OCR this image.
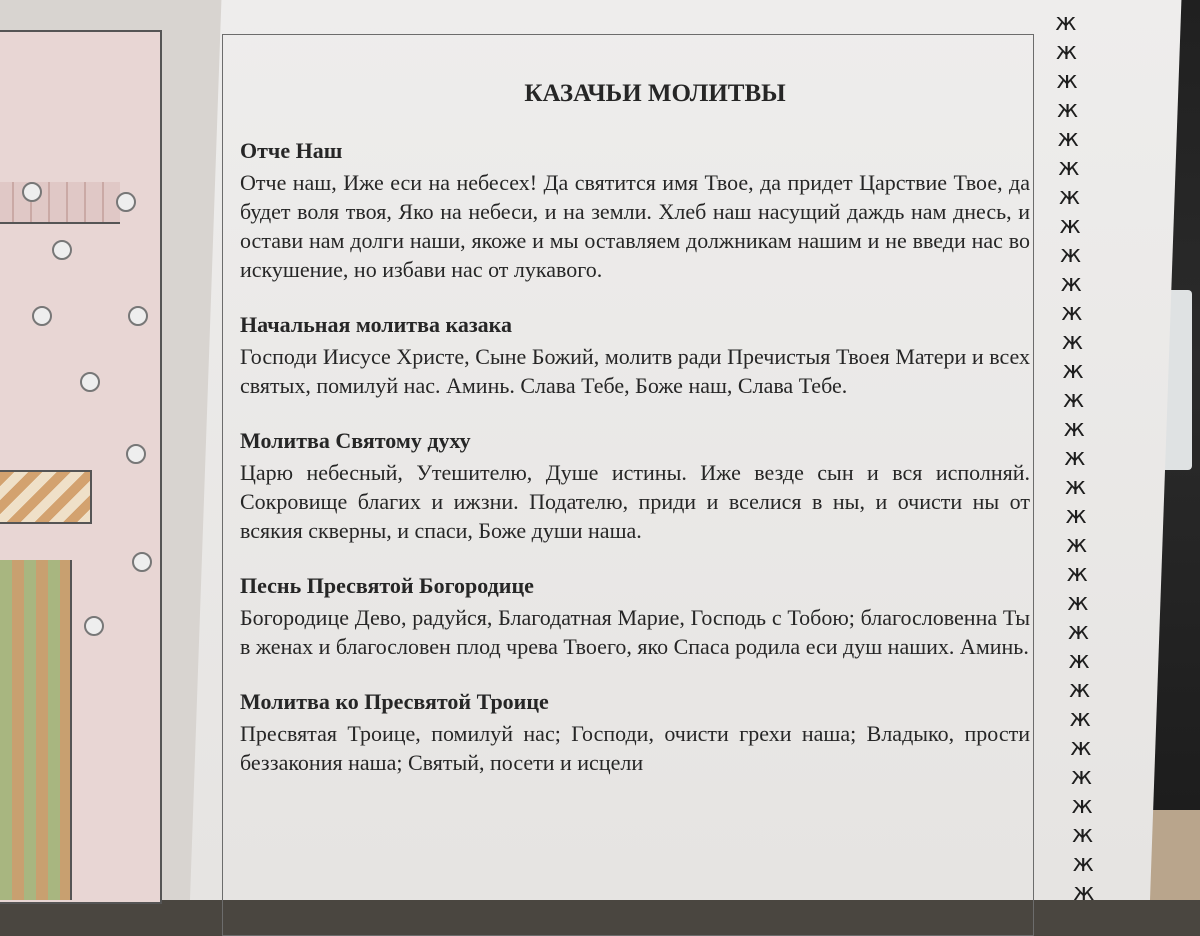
ж
ж
ж
ж
ж
ж
ж
ж
ж
ж
ж
ж
ж
ж
ж
ж
ж
ж
ж
ж
ж
ж
ж
ж
ж
ж
ж
ж
ж
ж
ж
КАЗАЧЬИ МОЛИТВЫ
Отче Наш

Отче наш, Иже еси на небесех! Да святится имя Твое, да придет Царствие Твое, да будет воля твоя, Яко на небеси, и на земли. Хлеб наш насущий даждь нам днесь, и остави нам долги наши, якоже и мы оставляем должникам нашим и не введи нас во искушение, но избави нас от лукавого.

Начальная молитва казака

Господи Иисусе Христе, Сыне Божий, молитв ради Пречистыя Твоея Матери и всех святых, помилуй нас. Аминь. Слава Тебе, Боже наш, Слава Тебе.

Молитва Святому духу

Царю небесный, Утешителю, Душе истины. Иже везде сын и вся исполняй. Сокровище благих и ижзни. Подателю, приди и вселися в ны, и очисти ны от всякия скверны, и спаси, Боже души наша.

Песнь Пресвятой Богородице

Богородице Дево, радуйся, Благодатная Марие, Господь с Тобою; благословенна Ты в женах и благословен плод чрева Твоего, яко Спаса родила еси душ наших. Аминь.

Молитва ко Пресвятой Троице

Пресвятая Троице, помилуй нас; Господи, очисти грехи наша; Владыко, прости беззакония наша; Святый, посети и исцели
